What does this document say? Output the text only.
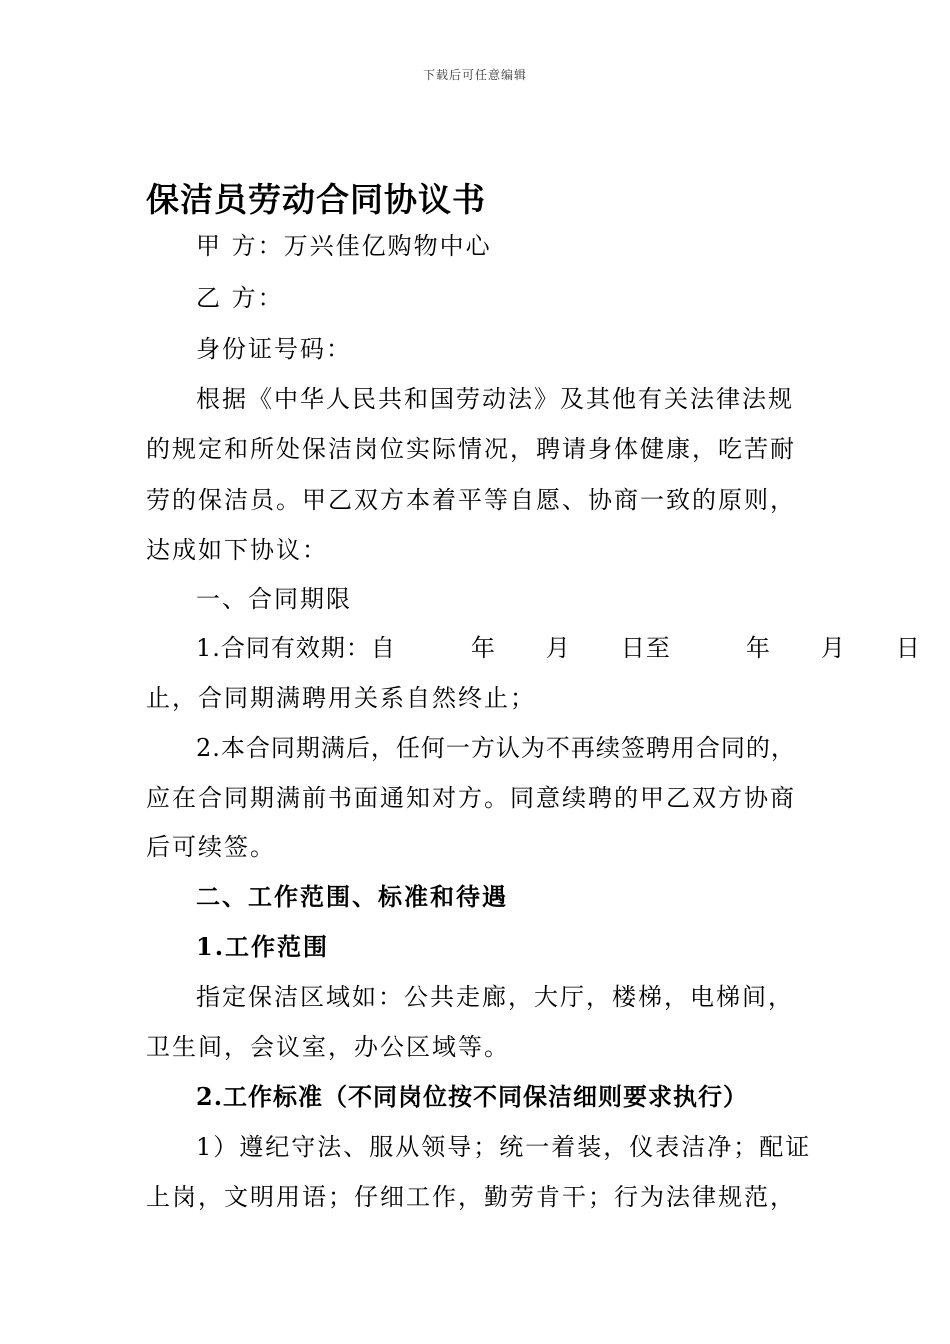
下载后可任意编辑
保洁员劳动合同协议书
甲 方：万兴佳亿购物中心
乙 方：
身份证号码：
根据《中华人民共和国劳动法》及其他有关法律法规
的规定和所处保洁岗位实际情况，聘请身体健康，吃苦耐
劳的保洁员。甲乙双方本着平等自愿、协商一致的原则，
达成如下协议：
一、合同期限
1.合同有效期：自　　　年　　月　　日至　　　年　　月　　日
止，合同期满聘用关系自然终止；
2.本合同期满后，任何一方认为不再续签聘用合同的，
应在合同期满前书面通知对方。同意续聘的甲乙双方协商
后可续签。
二、工作范围、标准和待遇
1.工作范围
指定保洁区域如：公共走廊，大厅，楼梯，电梯间，
卫生间，会议室，办公区域等。
2.工作标准（不同岗位按不同保洁细则要求执行）
1）遵纪守法、服从领导；统一着装，仪表洁净；配证
上岗，文明用语；仔细工作，勤劳肯干；行为法律规范，
